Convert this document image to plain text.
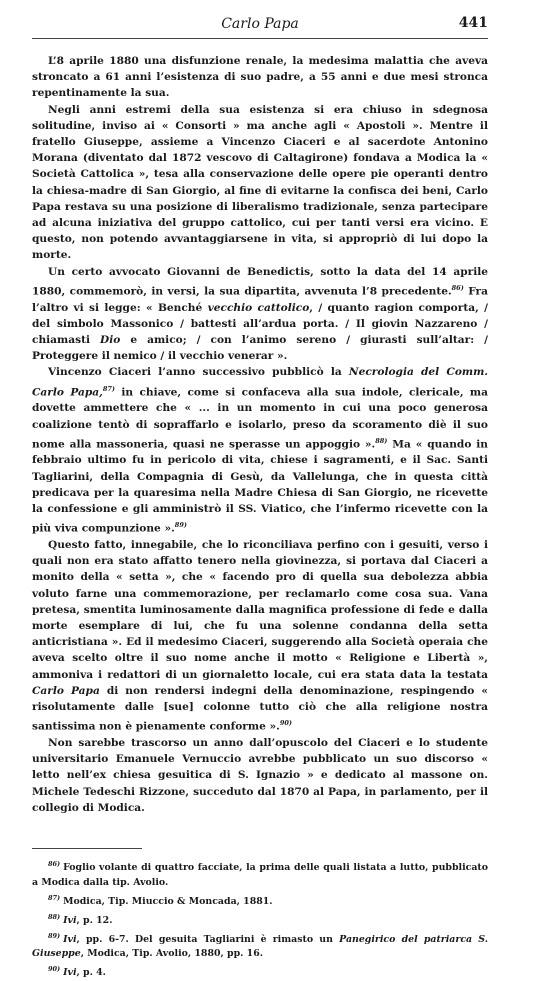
Carlo Papa	441

L’8 aprile 1880 una disfunzione renale, la medesima malattia che aveva stroncato a 61 anni l’esistenza di suo padre, a 55 anni e due mesi stronca repentinamente la sua.

Negli anni estremi della sua esistenza si era chiuso in sdegnosa solitudine, inviso ai « Consorti » ma anche agli « Apostoli ». Mentre il fratello Giuseppe, assieme a Vincenzo Ciaceri e al sacerdote Antonino Morana (diventato dal 1872 vescovo di Caltagirone) fondava a Modica la « Società Cattolica », tesa alla conservazione delle opere pie operanti dentro la chiesa-madre di San Giorgio, al fine di evitarne la confisca dei beni, Carlo Papa restava su una posizione di liberalismo tradizionale, senza partecipare ad alcuna iniziativa del gruppo cattolico, cui per tanti versi era vicino. E questo, non potendo avvantaggiarsene in vita, si appropriò di lui dopo la morte.

Un certo avvocato Giovanni de Benedictis, sotto la data del 14 aprile 1880, commemorò, in versi, la sua dipartita, avvenuta l’8 precedente.$^{86)}$ Fra l’altro vi si legge: « Benché vecchio cattolico, / quanto ragion comporta, / del simbolo Massonico / battesti all’ardua porta. / Il giovin Nazzareno / chiamasti Dio e amico; / con l’animo sereno / giurasti sull’altar: / Proteggere il nemico / il vecchio venerar ».

Vincenzo Ciaceri l’anno successivo pubblicò la Necrologia del Comm. Carlo Papa,$^{87)}$ in chiave, come si confaceva alla sua indole, clericale, ma dovette ammettere che « ... in un momento in cui una poco generosa coalizione tentò di sopraffarlo e isolarlo, preso da scoramento diè il suo nome alla massoneria, quasi ne sperasse un appoggio ».$^{88)}$ Ma « quando in febbraio ultimo fu in pericolo di vita, chiese i sagramenti, e il Sac. Santi Tagliarini, della Compagnia di Gesù, da Vallelunga, che in questa città predicava per la quaresima nella Madre Chiesa di San Giorgio, ne ricevette la confessione e gli amministrò il SS. Viatico, che l’infermo ricevette con la più viva compunzione ».$^{89)}$

Questo fatto, innegabile, che lo riconciliava perfino con i gesuiti, verso i quali non era stato affatto tenero nella giovinezza, si portava dal Ciaceri a monito della « setta », che « facendo pro di quella sua debolezza abbia voluto farne una commemorazione, per reclamarlo come cosa sua. Vana pretesa, smentita luminosamente dalla magnifica professione di fede e dalla morte esemplare di lui, che fu una solenne condanna della setta anticristiana ». Ed il medesimo Ciaceri, suggerendo alla Società operaia che aveva scelto oltre il suo nome anche il motto « Religione e Libertà », ammoniva i redattori di un giornaletto locale, cui era stata data la testata Carlo Papa di non rendersi indegni della denominazione, respingendo « risolutamente dalle [sue] colonne tutto ciò che alla religione nostra santissima non è pienamente conforme ».$^{90)}$

Non sarebbe trascorso un anno dall’opuscolo del Ciaceri e lo studente universitario Emanuele Vernuccio avrebbe pubblicato un suo discorso « letto nell’ex chiesa gesuitica di S. Ignazio » e dedicato al massone on. Michele Tedeschi Rizzone, succeduto dal 1870 al Papa, in parlamento, per il collegio di Modica.

$^{86)}$ Foglio volante di quattro facciate, la prima delle quali listata a lutto, pubblicato a Modica dalla tip. Avolio.

$^{87)}$ Modica, Tip. Miuccio & Moncada, 1881.

$^{88)}$ Ivi, p. 12.

$^{89)}$ Ivi, pp. 6-7. Del gesuita Tagliarini è rimasto un Panegirico del patriarca S. Giuseppe, Modica, Tip. Avolio, 1880, pp. 16.

$^{90)}$ Ivi, p. 4.
